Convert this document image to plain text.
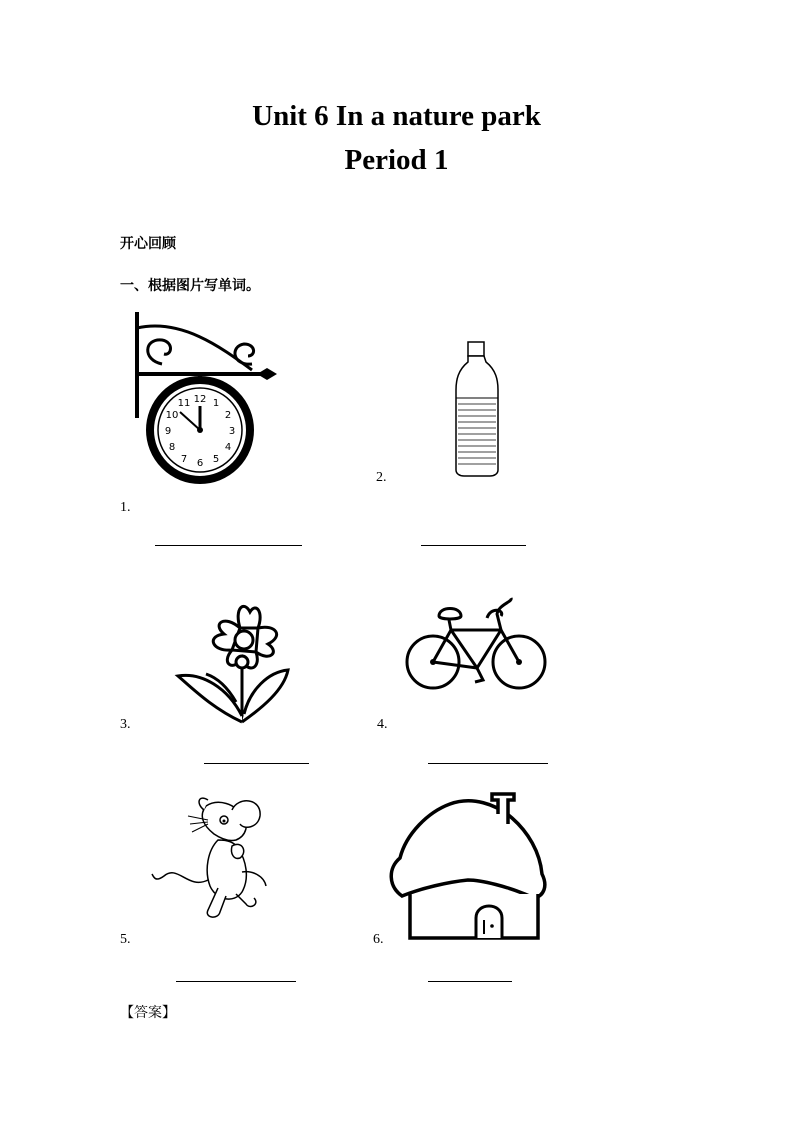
Unit 6 In a nature park
Period 1
开心回顾
一、根据图片写单词。
12 1
2
3
4
5
6
7
8
9
10
11
1.
2.
3.	4.
5.	6.
【答案】
